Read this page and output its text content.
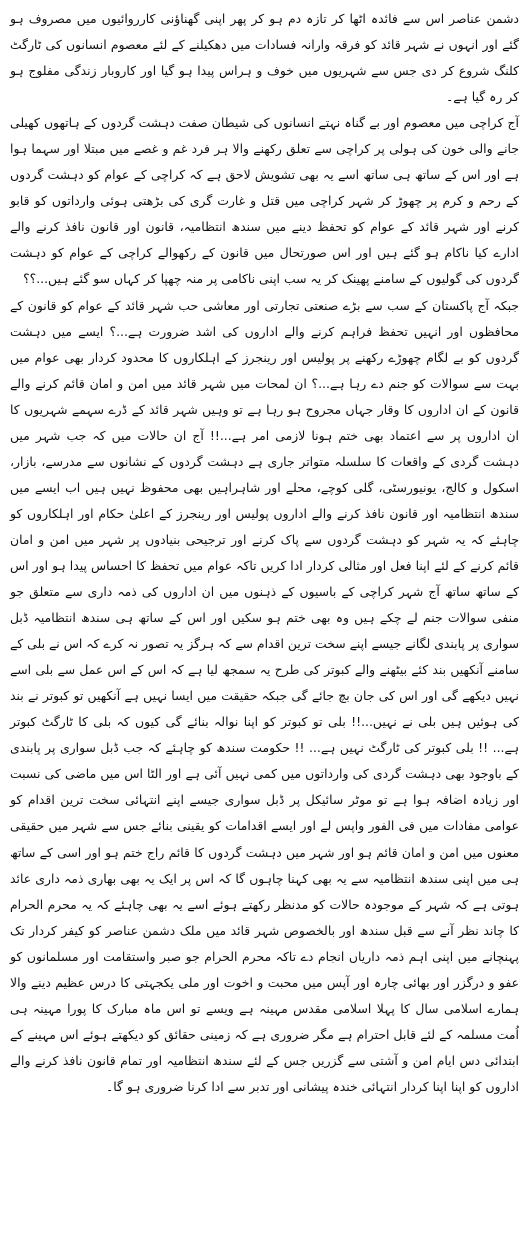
دشمن عناصر اس سے فائدہ اٹھا کر تازہ دم ہو کر پھر اپنی گھناؤنی کارروائیوں میں مصروف ہو گئے اور انہوں نے شہر قائد کو فرقہ وارانہ فسادات میں دھکیلنے کے لئے معصوم انسانوں کی ٹارگٹ کلنگ شروع کر دی جس سے شہریوں میں خوف و ہراس پیدا ہو گیا اور کاروبار زندگی مفلوج ہو کر رہ گیا ہے۔

آج کراچی میں معصوم اور بے گناہ نہتے انسانوں کی شیطان صفت دہشت گردوں کے ہاتھوں کھیلی جانے والی خون کی ہولی پر کراچی سے تعلق رکھنے والا ہر فرد غم و غصے میں مبتلا اور سہما ہوا ہے اور اس کے ساتھ ہی ساتھ اسے یہ بھی تشویش لاحق ہے کہ کراچی کے عوام کو دہشت گردوں کے رحم و کرم پر چھوڑ کر شہر کراچی میں قتل و غارت گری کی بڑھتی ہوئی وارداتوں کو قابو کرنے اور شہر قائد کے عوام کو تحفظ دینے میں سندھ انتظامیہ، قانون اور قانون نافذ کرنے والے ادارے کیا ناکام ہو گئے ہیں اور اس صورتحال میں قانون کے رکھوالے کراچی کے عوام کو دہشت گردوں کی گولیوں کے سامنے پھینک کر یہ سب اپنی ناکامی پر منہ چھپا کر کہاں سو گئے ہیں...؟؟

جبکہ آج پاکستان کے سب سے بڑے صنعتی تجارتی اور معاشی حب شہر قائد کے عوام کو قانون کے محافظوں اور انہیں تحفظ فراہم کرنے والے اداروں کی اشد ضرورت ہے...؟ ایسے میں دہشت گردوں کو بے لگام چھوڑے رکھنے پر پولیس اور رینجرز کے اہلکاروں کا محدود کردار بھی عوام میں بہت سے سوالات کو جنم دے رہا ہے...؟ ان لمحات میں شہر قائد میں امن و امان قائم کرنے والے قانون کے ان اداروں کا وقار جہاں مجروح ہو رہا ہے تو وہیں شہر قائد کے ڈرے سہمے شہریوں کا ان اداروں پر سے اعتماد بھی ختم ہونا لازمی امر ہے...!! آج ان حالات میں کہ جب شہر میں دہشت گردی کے واقعات کا سلسلہ متواتر جاری ہے دہشت گردوں کے نشانوں سے مدرسے، بازار، اسکول و کالج، یونیورسٹی، گلی کوچے، محلے اور شاہراہیں بھی محفوظ نہیں ہیں اب ایسے میں سندھ انتظامیہ اور قانون نافذ کرنے والے اداروں پولیس اور رینجرز کے اعلیٰ حکام اور اہلکاروں کو چاہئے کہ یہ شہر کو دہشت گردوں سے پاک کرنے اور ترجیحی بنیادوں پر شہر میں امن و امان قائم کرنے کے لئے اپنا فعل اور مثالی کردار ادا کریں تاکہ عوام میں تحفظ کا احساس پیدا ہو اور اس کے ساتھ ساتھ آج شہر کراچی کے باسیوں کے ذہنوں میں ان اداروں کی ذمہ داری سے متعلق جو منفی سوالات جنم لے چکے ہیں وہ بھی ختم ہو سکیں اور اس کے ساتھ ہی سندھ انتظامیہ ڈبل سواری پر پابندی لگانے جیسے اپنے سخت ترین اقدام سے کہ ہرگز یہ تصور نہ کرے کہ اس نے بلی کے سامنے آنکھیں بند کئے بیٹھنے والے کبوتر کی طرح یہ سمجھ لیا ہے کہ اس کے اس عمل سے بلی اسے نہیں دیکھے گی اور اس کی جان بچ جائے گی جبکہ حقیقت میں ایسا نہیں ہے آنکھیں تو کبوتر نے بند کی ہوئیں ہیں بلی نے نہیں...!! بلی تو کبوتر کو اپنا نوالہ بنائے گی کیوں کہ بلی کا ٹارگٹ کبوتر ہے... !! بلی کبوتر کی ٹارگٹ نہیں ہے... !! حکومت سندھ کو چاہئے کہ جب ڈبل سواری پر پابندی کے باوجود بھی دہشت گردی کی وارداتوں میں کمی نہیں آئی ہے اور الٹا اس میں ماضی کی نسبت اور زیادہ اضافہ ہوا ہے تو موٹر سائیکل پر ڈبل سواری جیسے اپنے انتہائی سخت ترین اقدام کو عوامی مفادات میں فی الفور واپس لے اور ایسے اقدامات کو یقینی بنائے جس سے شہر میں حقیقی معنوں میں امن و امان قائم ہو اور شہر میں دہشت گردوں کا قائم راج ختم ہو اور اسی کے ساتھ ہی میں اپنی سندھ انتظامیہ سے یہ بھی کہنا چاہوں گا کہ اس پر ایک یہ بھی بھاری ذمہ داری عائد ہوتی ہے کہ شہر کے موجودہ حالات کو مدنظر رکھتے ہوئے اسے یہ بھی چاہئے کہ یہ محرم الحرام کا چاند نظر آنے سے قبل سندھ اور بالخصوص شہر قائد میں ملک دشمن عناصر کو کیفر کردار تک پہنچانے میں اپنی اہم ذمہ داریاں انجام دے تاکہ محرم الحرام جو صبر واستقامت اور مسلمانوں کو عفو و درگزر اور بھائی چارہ اور آپس میں محبت و اخوت اور ملی یکجہتی کا درس عظیم دینے والا ہمارے اسلامی سال کا پہلا اسلامی مقدس مہینہ ہے ویسے تو اس ماہ مبارک کا پورا مہینہ ہی اُمت مسلمہ کے لئے قابل احترام ہے مگر ضروری ہے کہ زمینی حقائق کو دیکھتے ہوئے اس مہینے کے ابتدائی دس ایام امن و آشتی سے گزریں جس کے لئے سندھ انتظامیہ اور تمام قانون نافذ کرنے والے اداروں کو اپنا اپنا کردار انتہائی خندہ پیشانی اور تدبر سے ادا کرنا ضروری ہو گا۔
